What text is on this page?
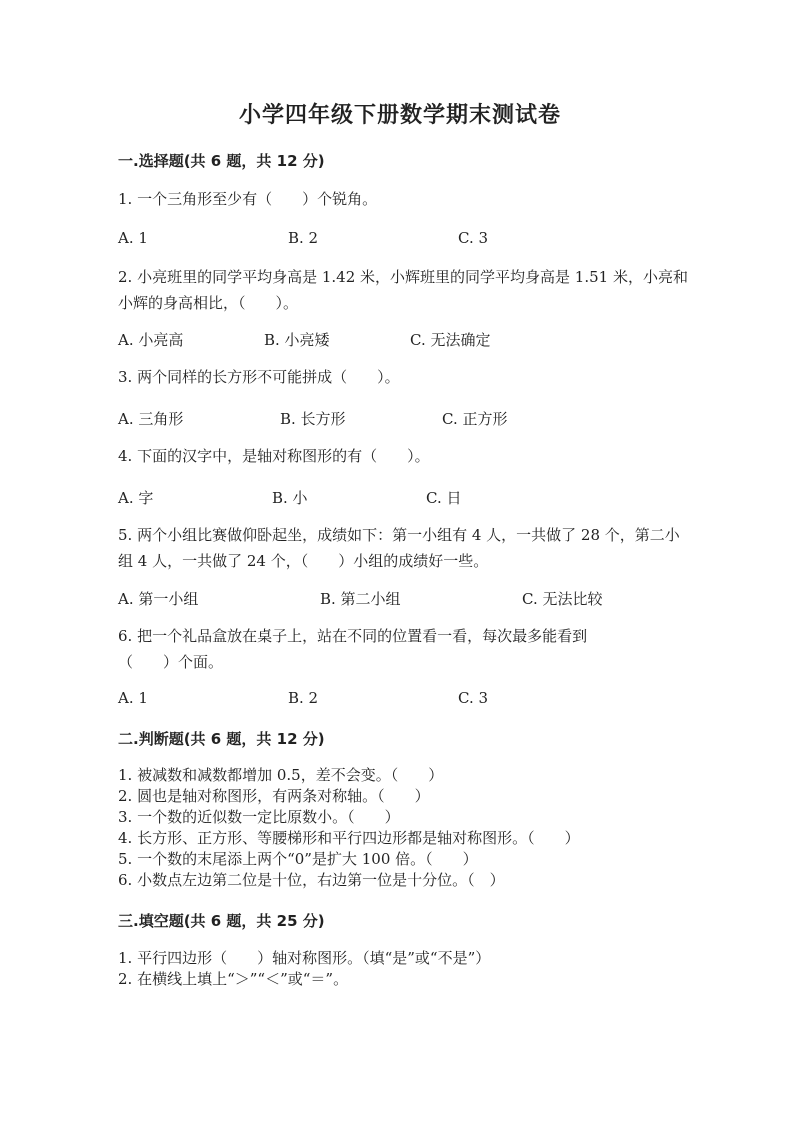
小学四年级下册数学期末测试卷
一.选择题(共 6 题，共 12 分)
1. 一个三角形至少有（　　）个锐角。
A. 1	B. 2	C. 3
2. 小亮班里的同学平均身高是 1.42 米，小辉班里的同学平均身高是 1.51 米，小亮和小辉的身高相比，（　　）。
A. 小亮高	B. 小亮矮	C. 无法确定
3. 两个同样的长方形不可能拼成（　　）。
A. 三角形	B. 长方形	C. 正方形
4. 下面的汉字中，是轴对称图形的有（　　）。
A. 字	B. 小	C. 日
5. 两个小组比赛做仰卧起坐，成绩如下：第一小组有 4 人，一共做了 28 个，第二小组 4 人，一共做了 24 个，（　　）小组的成绩好一些。
A. 第一小组	B. 第二小组	C. 无法比较
6. 把一个礼品盒放在桌子上，站在不同的位置看一看，每次最多能看到（　　）个面。
A. 1	B. 2	C. 3
二.判断题(共 6 题，共 12 分)
1. 被减数和减数都增加 0.5，差不会变。（　　）
2. 圆也是轴对称图形，有两条对称轴。（　　）
3. 一个数的近似数一定比原数小。（　　）
4. 长方形、正方形、等腰梯形和平行四边形都是轴对称图形。（　　）
5. 一个数的末尾添上两个“0”是扩大 100 倍。（　　）
6. 小数点左边第二位是十位，右边第一位是十分位。（　）
三.填空题(共 6 题，共 25 分)
1. 平行四边形（　　）轴对称图形。（填“是”或“不是”）
2. 在横线上填上“＞”“＜”或“＝”。
